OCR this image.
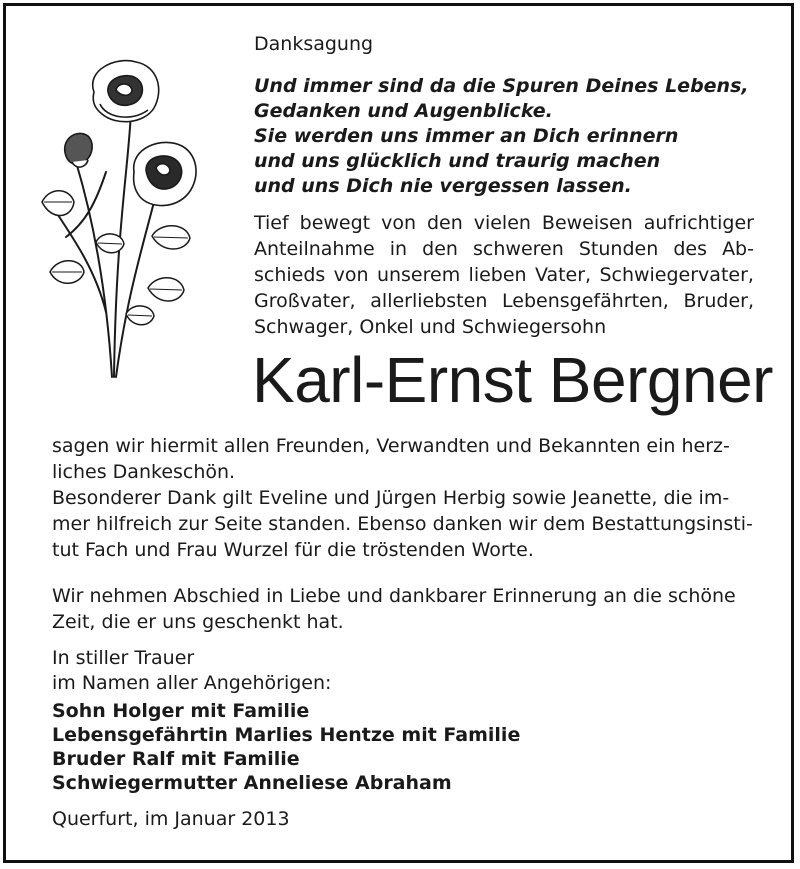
Danksagung
Und immer sind da die Spuren Deines Lebens,
Gedanken und Augenblicke.
Sie werden uns immer an Dich erinnern
und uns glücklich und traurig machen
und uns Dich nie vergessen lassen.
Tief bewegt von den vielen Beweisen aufrichtiger
Anteilnahme in den schweren Stunden des Ab-
schieds von unserem lieben Vater, Schwiegervater,
Großvater, allerliebsten Lebensgefährten, Bruder,
Schwager, Onkel und Schwiegersohn
Karl-Ernst Bergner
sagen wir hiermit allen Freunden, Verwandten und Bekannten ein herz-
liches Dankeschön.
Besonderer Dank gilt Eveline und Jürgen Herbig sowie Jeanette, die im-
mer hilfreich zur Seite standen. Ebenso danken wir dem Bestattungsinsti-
tut Fach und Frau Wurzel für die tröstenden Worte.
Wir nehmen Abschied in Liebe und dankbarer Erinnerung an die schöne
Zeit, die er uns geschenkt hat.
In stiller Trauer
im Namen aller Angehörigen:
Sohn Holger mit Familie
Lebensgefährtin Marlies Hentze mit Familie
Bruder Ralf mit Familie
Schwiegermutter Anneliese Abraham
Querfurt, im Januar 2013
